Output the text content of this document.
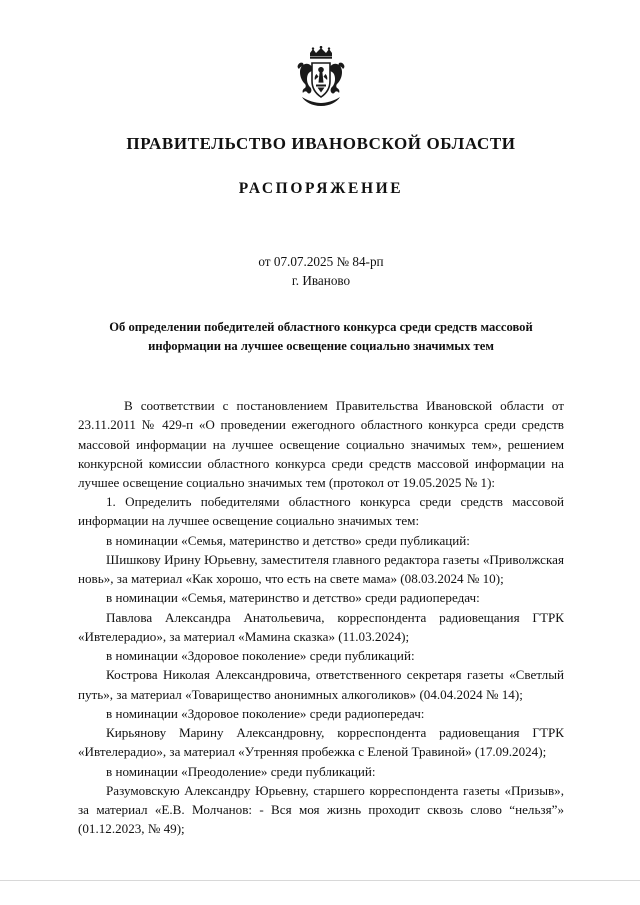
ПРАВИТЕЛЬСТВО ИВАНОВСКОЙ ОБЛАСТИ
РАСПОРЯЖЕНИЕ
от 07.07.2025 № 84-рп
г. Иваново
Об определении победителей областного конкурса среди средств массовой информации на лучшее освещение социально значимых тем

В соответствии с постановлением Правительства Ивановской области от 23.11.2011 № 429-п «О проведении ежегодного областного конкурса среди средств массовой информации на лучшее освещение социально значимых тем», решением конкурсной комиссии областного конкурса среди средств массовой информации на лучшее освещение социально значимых тем (протокол от 19.05.2025 № 1):

1. Определить победителями областного конкурса среди средств массовой информации на лучшее освещение социально значимых тем:

в номинации «Семья, материнство и детство» среди публикаций:

Шишкову Ирину Юрьевну, заместителя главного редактора газеты «Приволжская новь», за материал «Как хорошо, что есть на свете мама» (08.03.2024 № 10);

в номинации «Семья, материнство и детство» среди радиопередач:

Павлова Александра Анатольевича, корреспондента радиовещания ГТРК «Ивтелерадио», за материал «Мамина сказка» (11.03.2024);

в номинации «Здоровое поколение» среди публикаций:

Кострова Николая Александровича, ответственного секретаря газеты «Светлый путь», за материал «Товарищество анонимных алкоголиков» (04.04.2024 № 14);

в номинации «Здоровое поколение» среди радиопередач:

Кирьянову Марину Александровну, корреспондента радиовещания ГТРК «Ивтелерадио», за материал «Утренняя пробежка с Еленой Травиной» (17.09.2024);

в номинации «Преодоление» среди публикаций:

Разумовскую Александру Юрьевну, старшего корреспондента газеты «Призыв», за материал «Е.В. Молчанов: - Вся моя жизнь проходит сквозь слово “нельзя”» (01.12.2023, № 49);
